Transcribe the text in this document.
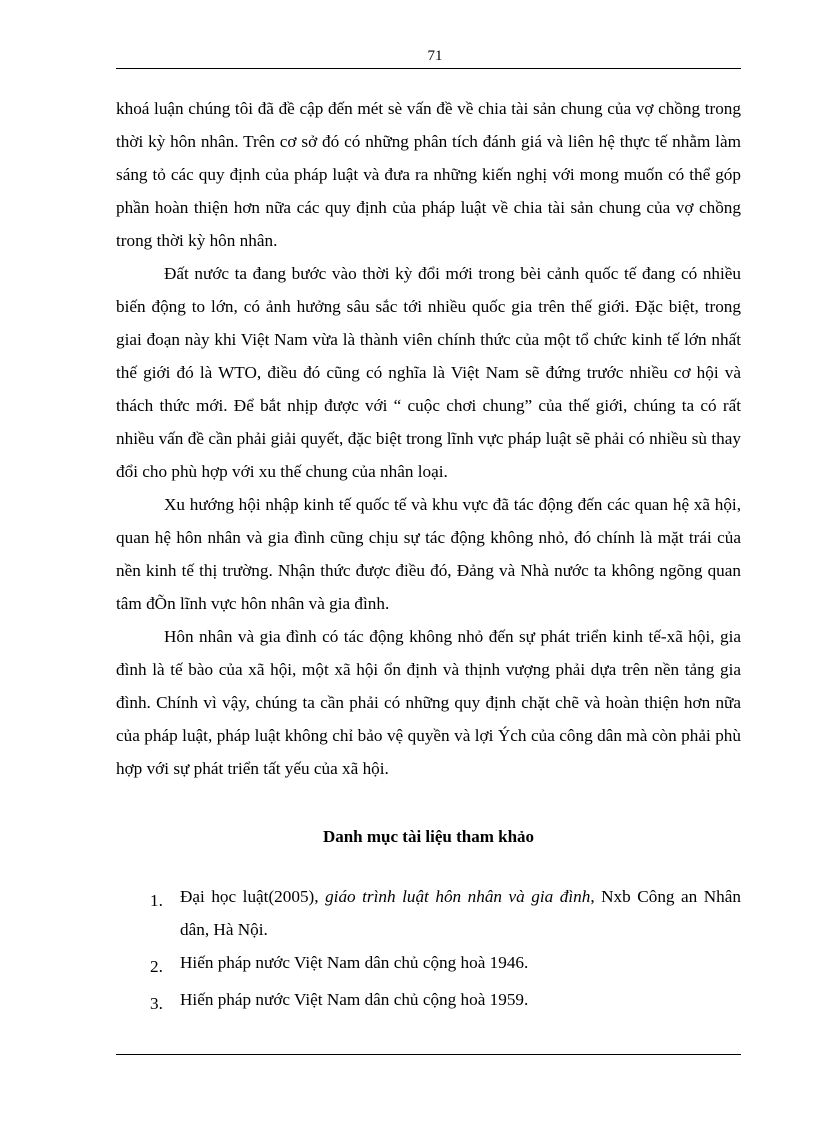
71

khoá luận chúng tôi đã đề cập đến mét sè vấn đề về chia tài sản chung của vợ chồng trong thời kỳ hôn nhân. Trên cơ sở đó có những phân tích đánh giá và liên hệ thực tế nhằm làm sáng tỏ các quy định của pháp luật và đưa ra những kiến nghị với mong muốn có thể góp phần hoàn thiện hơn nữa các quy định của pháp luật về chia tài sản chung của vợ chồng trong thời kỳ hôn nhân.

Đất nước ta đang bước vào thời kỳ đổi mới trong bèi cảnh quốc tế đang có nhiều biến động to lớn, có ảnh hưởng sâu sắc tới nhiều quốc gia trên thế giới. Đặc biệt, trong giai đoạn này khi Việt Nam vừa là thành viên chính thức của một tổ chức kinh tế lớn nhất thế giới đó là WTO, điều đó cũng có nghĩa là Việt Nam sẽ đứng trước nhiều cơ hội và thách thức mới. Để bắt nhịp được với “ cuộc chơi chung” của thế giới, chúng ta có rất nhiều vấn đề cần phải giải quyết, đặc biệt trong lĩnh vực pháp luật sẽ phải có nhiều sù thay đổi cho phù hợp với xu thế chung của nhân loại.

Xu hướng hội nhập kinh tế quốc tế và khu vực đã tác động đến các quan hệ xã hội, quan hệ hôn nhân và gia đình cũng chịu sự tác động không nhỏ, đó chính là mặt trái của nền kinh tế thị trường. Nhận thức được điều đó, Đảng và Nhà nước ta không ngõng quan tâm đÕn lĩnh vực hôn nhân và gia đình.

Hôn nhân và gia đình có tác động không nhỏ đến sự phát triển kinh tế-xã hội, gia đình là tế bào của xã hội, một xã hội ổn định và thịnh vượng phải dựa trên nền tảng gia đình. Chính vì vậy, chúng ta cần phải có những quy định chặt chẽ và hoàn thiện hơn nữa của pháp luật, pháp luật không chỉ bảo vệ quyền và lợi Ých của công dân mà còn phải phù hợp với sự phát triển tất yếu của xã hội.

Danh mục tài liệu tham khảo
1. Đại học luật(2005), giáo trình luật hôn nhân và gia đình, Nxb Công an Nhân dân, Hà Nội.
2. Hiến pháp nước Việt Nam dân chủ cộng hoà 1946.
3. Hiến pháp nước Việt Nam dân chủ cộng hoà 1959.
